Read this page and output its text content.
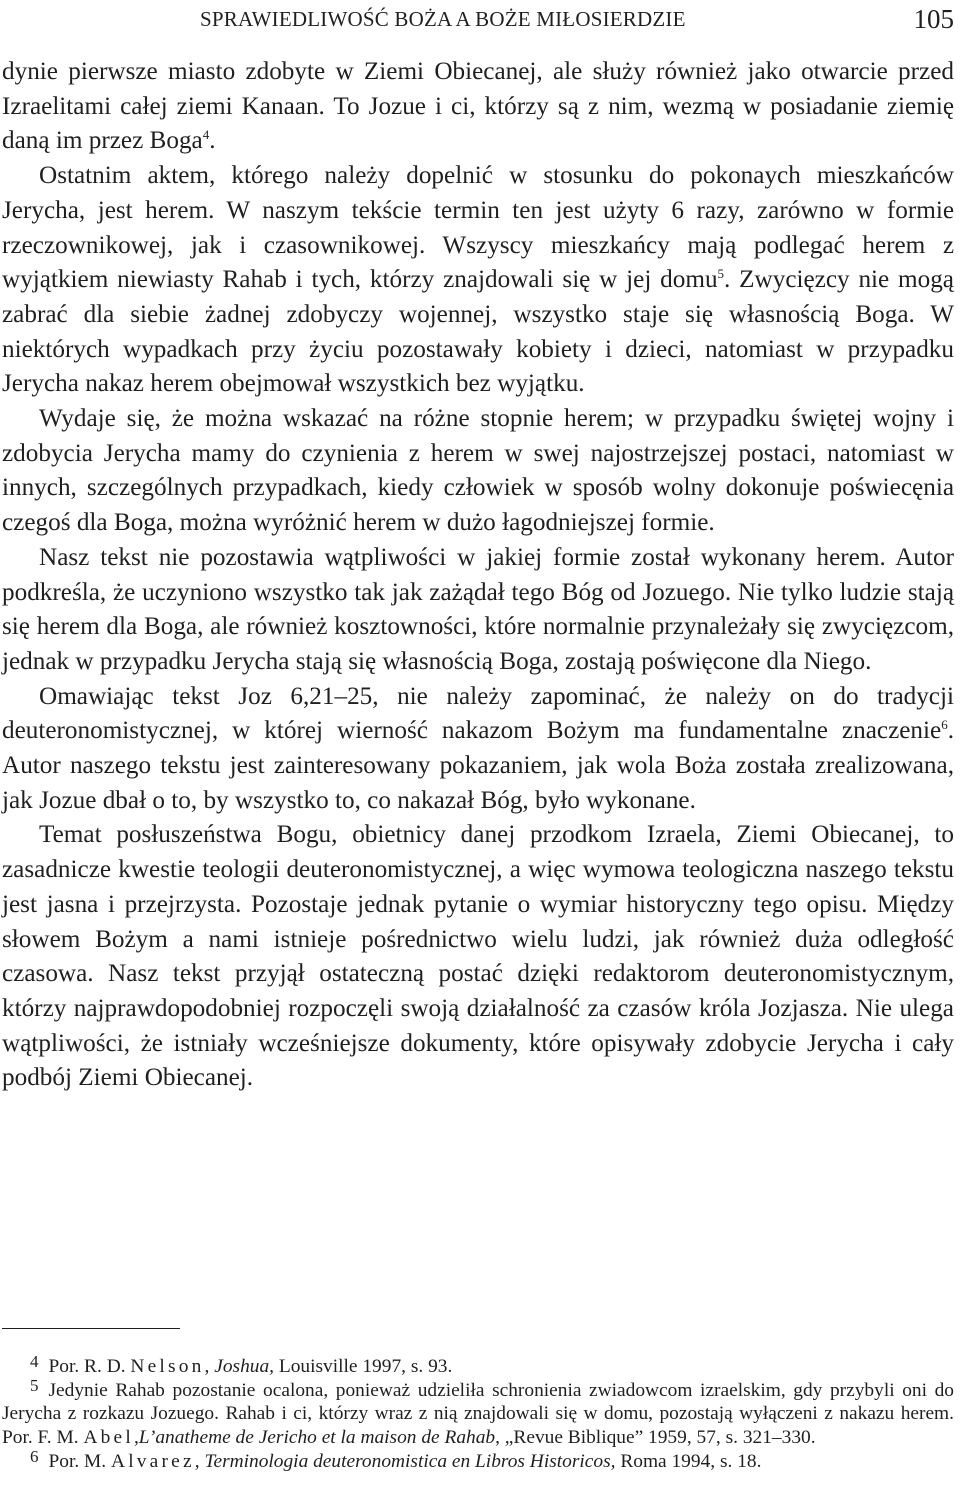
SPRAWIEDLIWOŚĆ BOŻA A BOŻE MIŁOSIERDZIE	105

dynie pierwsze miasto zdobyte w Ziemi Obiecanej, ale służy również jako otwarcie przed Izraelitami całej ziemi Kanaan. To Jozue i ci, którzy są z nim, wezmą w posiadanie ziemię daną im przez Boga$^4$.

Ostatnim aktem, którego należy dopelnić w stosunku do pokonaych mieszkańców Jerycha, jest herem. W naszym tekście termin ten jest użyty 6 razy, zarówno w formie rzeczownikowej, jak i czasownikowej. Wszyscy mieszkańcy mają podlegać herem z wyjątkiem niewiasty Rahab i tych, którzy znajdowali się w jej domu$^5$. Zwycięzcy nie mogą zabrać dla siebie żadnej zdobyczy wojennej, wszystko staje się własnością Boga. W niektórych wypadkach przy życiu pozostawały kobiety i dzieci, natomiast w przypadku Jerycha nakaz herem obejmował wszystkich bez wyjątku.

Wydaje się, że można wskazać na różne stopnie herem; w przypadku świętej wojny i zdobycia Jerycha mamy do czynienia z herem w swej najostrzejszej postaci, natomiast w innych, szczególnych przypadkach, kiedy człowiek w sposób wolny dokonuje poświecęnia czegoś dla Boga, można wyróżnić herem w dużo łagodniejszej formie.

Nasz tekst nie pozostawia wątpliwości w jakiej formie został wykonany herem. Autor podkreśla, że uczyniono wszystko tak jak zażądał tego Bóg od Jozuego. Nie tylko ludzie stają się herem dla Boga, ale również kosztowności, które normalnie przynależały się zwycięzcom, jednak w przypadku Jerycha stają się własnością Boga, zostają poświęcone dla Niego.

Omawiając tekst Joz 6,21–25, nie należy zapominać, że należy on do tradycji deuteronomistycznej, w której wierność nakazom Bożym ma fundamentalne znaczenie$^6$. Autor naszego tekstu jest zainteresowany pokazaniem, jak wola Boża została zrealizowana, jak Jozue dbał o to, by wszystko to, co nakazał Bóg, było wykonane.

Temat posłuszeństwa Bogu, obietnicy danej przodkom Izraela, Ziemi Obiecanej, to zasadnicze kwestie teologii deuteronomistycznej, a więc wymowa teologiczna naszego tekstu jest jasna i przejrzysta. Pozostaje jednak pytanie o wymiar historyczny tego opisu. Między słowem Bożym a nami istnieje pośrednictwo wielu ludzi, jak również duża odległość czasowa. Nasz tekst przyjął ostateczną postać dzięki redaktorom deuteronomistycznym, którzy najprawdopodobniej rozpoczęli swoją działalność za czasów króla Jozjasza. Nie ulega wątpliwości, że istniały wcześniejsze dokumenty, które opisywały zdobycie Jerycha i cały podbój Ziemi Obiecanej.

4 Por. R. D. Nelson, Joshua, Louisville 1997, s. 93.

5 Jedynie Rahab pozostanie ocalona, ponieważ udzieliła schronienia zwiadowcom izraelskim, gdy przybyli oni do Jerycha z rozkazu Jozuego. Rahab i ci, którzy wraz z nią znajdowali się w domu, pozostają wyłączeni z nakazu herem. Por. F. M. Abel,L’anatheme de Jericho et la maison de Rahab, „Revue Biblique” 1959, 57, s. 321–330.

6 Por. M. Alvarez, Terminologia deuteronomistica en Libros Historicos, Roma 1994, s. 18.
